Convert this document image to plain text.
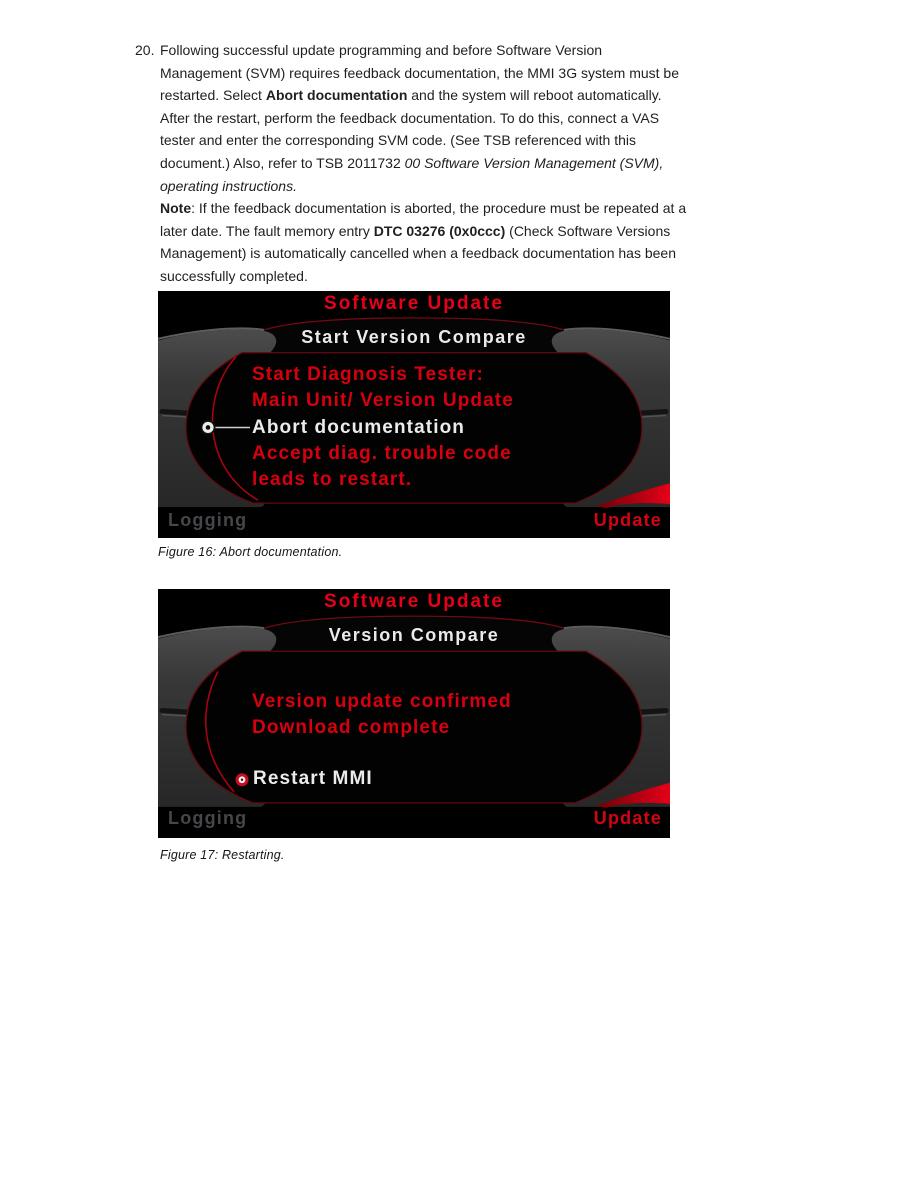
20. Following successful update programming and before Software Version
Management (SVM) requires feedback documentation, the MMI 3G system must be
restarted. Select Abort documentation and the system will reboot automatically.
After the restart, perform the feedback documentation. To do this, connect a VAS
tester and enter the corresponding SVM code. (See TSB referenced with this
document.) Also, refer to TSB 2011732 00 Software Version Management (SVM),
operating instructions.
Note: If the feedback documentation is aborted, the procedure must be repeated at a
later date. The fault memory entry DTC 03276 (0x0ccc) (Check Software Versions
Management) is automatically cancelled when a feedback documentation has been
successfully completed.
Software Update
Start Version Compare
Start Diagnosis Tester:
Main Unit/ Version Update
Abort documentation
Accept diag. trouble code
leads to restart.
Logging	Update
Figure 16: Abort documentation.
Software Update
Version Compare
Version update confirmed
Download complete
Restart MMI
Logging	Update
Figure 17: Restarting.
